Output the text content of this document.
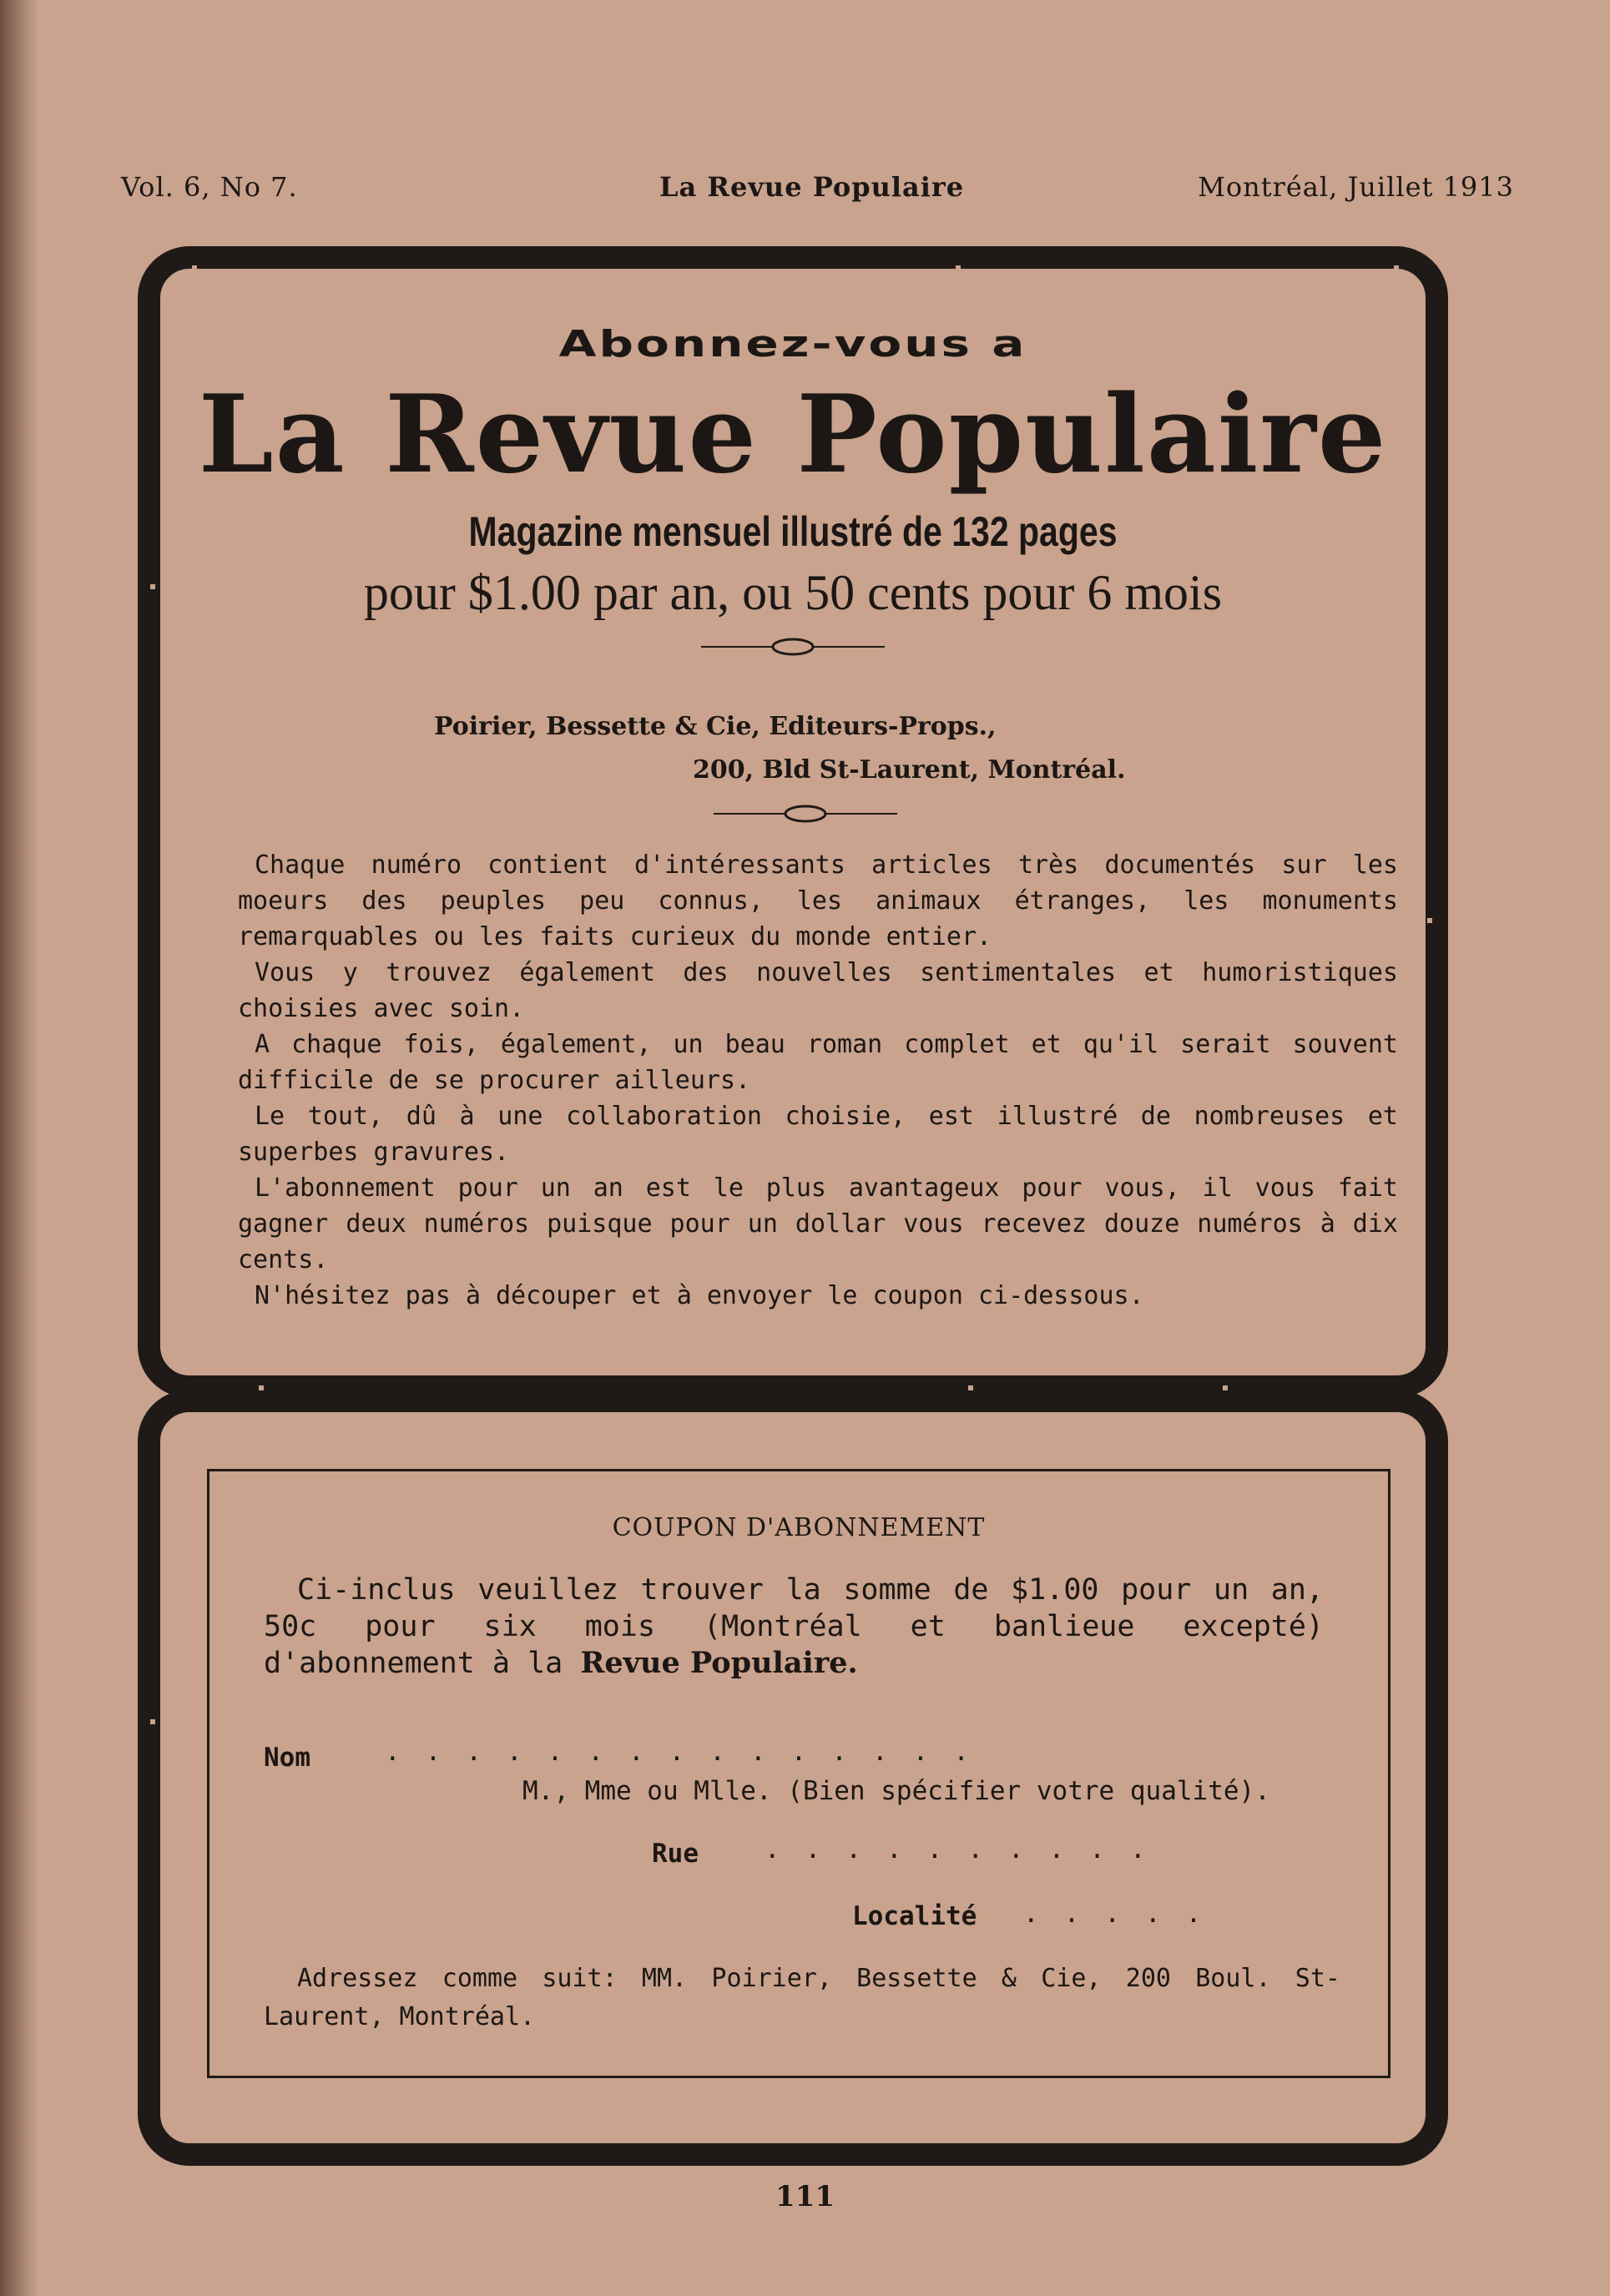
Vol. 6, No 7.	La Revue Populaire	Montréal, Juillet 1913
Abonnez-vous a
La Revue Populaire
Magazine mensuel illustré de 132 pages
pour $1.00 par an, ou 50 cents pour 6 mois
Poirier, Bessette & Cie, Editeurs-Props.,
200, Bld St-Laurent, Montréal.

Chaque numéro contient d'intéressants articles très documentés sur les moeurs des peuples peu connus, les animaux étranges, les monuments remarquables ou les faits curieux du monde entier.

Vous y trouvez également des nouvelles sentimentales et humoristiques choisies avec soin.

A chaque fois, également, un beau roman complet et qu'il serait souvent difficile de se procurer ailleurs.

Le tout, dû à une collaboration choisie, est illustré de nombreuses et superbes gravures.

L'abonnement pour un an est le plus avantageux pour vous, il vous fait gagner deux numéros puisque pour un dollar vous recevez douze numéros à dix cents.

N'hésitez pas à découper et à envoyer le coupon ci-dessous.

COUPON D'ABONNEMENT
Ci-inclus veuillez trouver la somme de $1.00 pour un an, 50c pour six mois (Montréal et banlieue excepté) d'abonnement à la Revue Populaire.
Nom	...............
M., Mme ou Mlle. (Bien spécifier votre qualité).
Rue	..........
Localité .....
Adressez comme suit: MM. Poirier, Bessette & Cie, 200 Boul. St-Laurent, Montréal.
111
